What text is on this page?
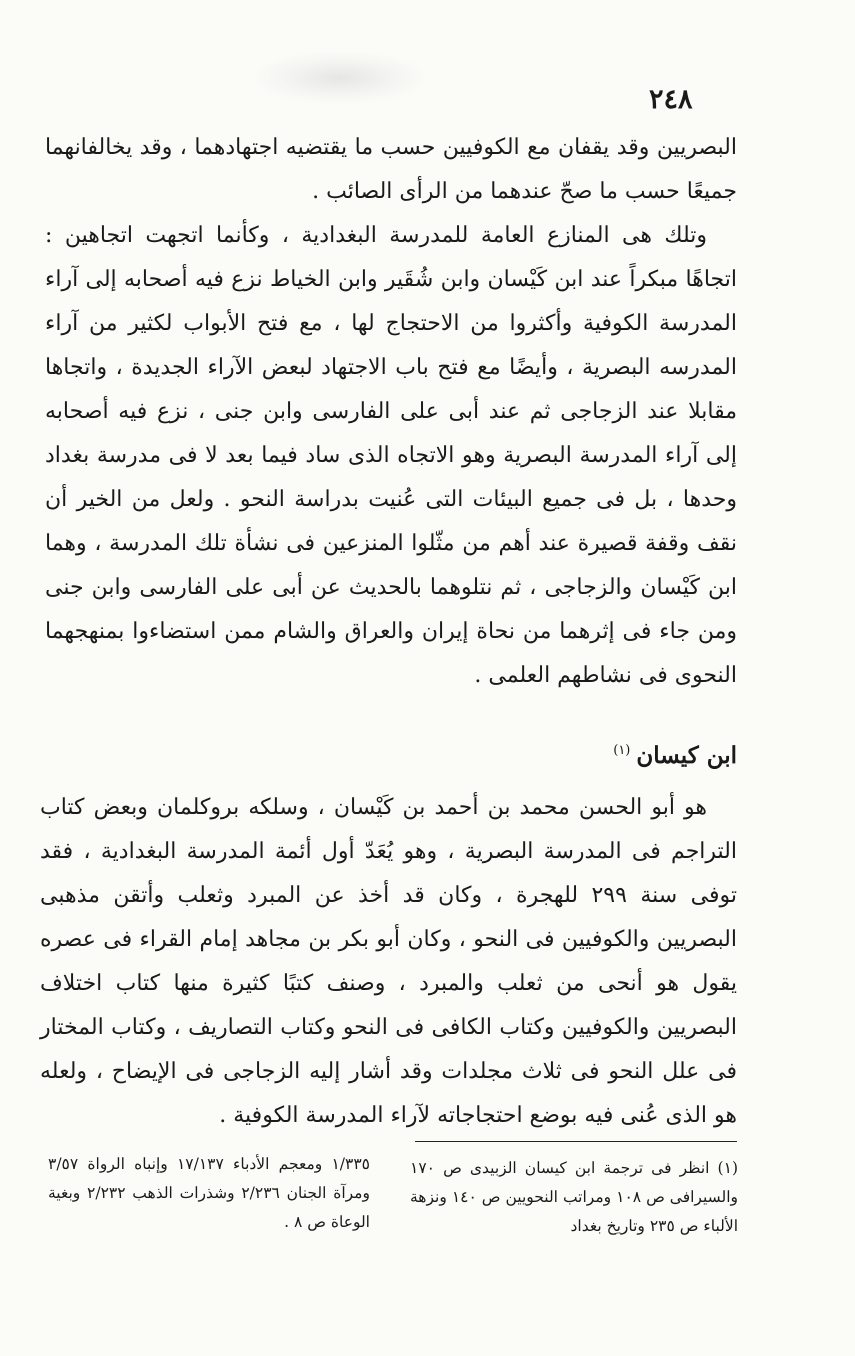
٢٤٨

البصريين وقد يقفان مع الكوفيين حسب ما يقتضيه اجتهادهما ، وقد يخالفانهما جميعًا حسب ما صحّ عندهما من الرأى الصائب .

وتلك هى المنازع العامة للمدرسة البغدادية ، وكأنما اتجهت اتجاهين : اتجاهًا مبكراً عند ابن كَيْسان وابن شُقَير وابن الخياط نزع فيه أصحابه إلى آراء المدرسة الكوفية وأكثروا من الاحتجاج لها ، مع فتح الأبواب لكثير من آراء المدرسه البصرية ، وأيضًا مع فتح باب الاجتهاد لبعض الآراء الجديدة ، واتجاها مقابلا عند الزجاجى ثم عند أبى على الفارسى وابن جنى ، نزع فيه أصحابه إلى آراء المدرسة البصرية وهو الاتجاه الذى ساد فيما بعد لا فى مدرسة بغداد وحدها ، بل فى جميع البيئات التى عُنيت بدراسة النحو . ولعل من الخير أن نقف وقفة قصيرة عند أهم من مثّلوا المنزعين فى نشأة تلك المدرسة ، وهما ابن كَيْسان والزجاجى ، ثم نتلوهما بالحديث عن أبى على الفارسى وابن جنى ومن جاء فى إثرهما من نحاة إيران والعراق والشام ممن استضاءوا بمنهجهما النحوى فى نشاطهم العلمى .

ابن كيسان$^{(١)}$

هو أبو الحسن محمد بن أحمد بن كَيْسان ، وسلكه بروكلمان وبعض كتاب التراجم فى المدرسة البصرية ، وهو يُعَدّ أول أئمة المدرسة البغدادية ، فقد توفى سنة ٢٩٩ للهجرة ، وكان قد أخذ عن المبرد وثعلب وأتقن مذهبى البصريين والكوفيين فى النحو ، وكان أبو بكر بن مجاهد إمام القراء فى عصره يقول هو أنحى من ثعلب والمبرد ، وصنف كتبًا كثيرة منها كتاب اختلاف البصريين والكوفيين وكتاب الكافى فى النحو وكتاب التصاريف ، وكتاب المختار فى علل النحو فى ثلاث مجلدات وقد أشار إليه الزجاجى فى الإيضاح ، ولعله هو الذى عُنى فيه بوضع احتجاجاته لآراء المدرسة الكوفية .

(١) انظر فى ترجمة ابن كيسان الزبيدى ص ١٧٠ والسيرافى ص ١٠٨ ومراتب النحويين ص ١٤٠ ونزهة الألباء ص ٢٣٥ وتاريخ بغداد
١/٣٣٥ ومعجم الأدباء ١٧/١٣٧ وإنباه الرواة ٣/٥٧ ومرآة الجنان ٢/٢٣٦ وشذرات الذهب ٢/٢٣٢ وبغية الوعاة ص ٨ .
